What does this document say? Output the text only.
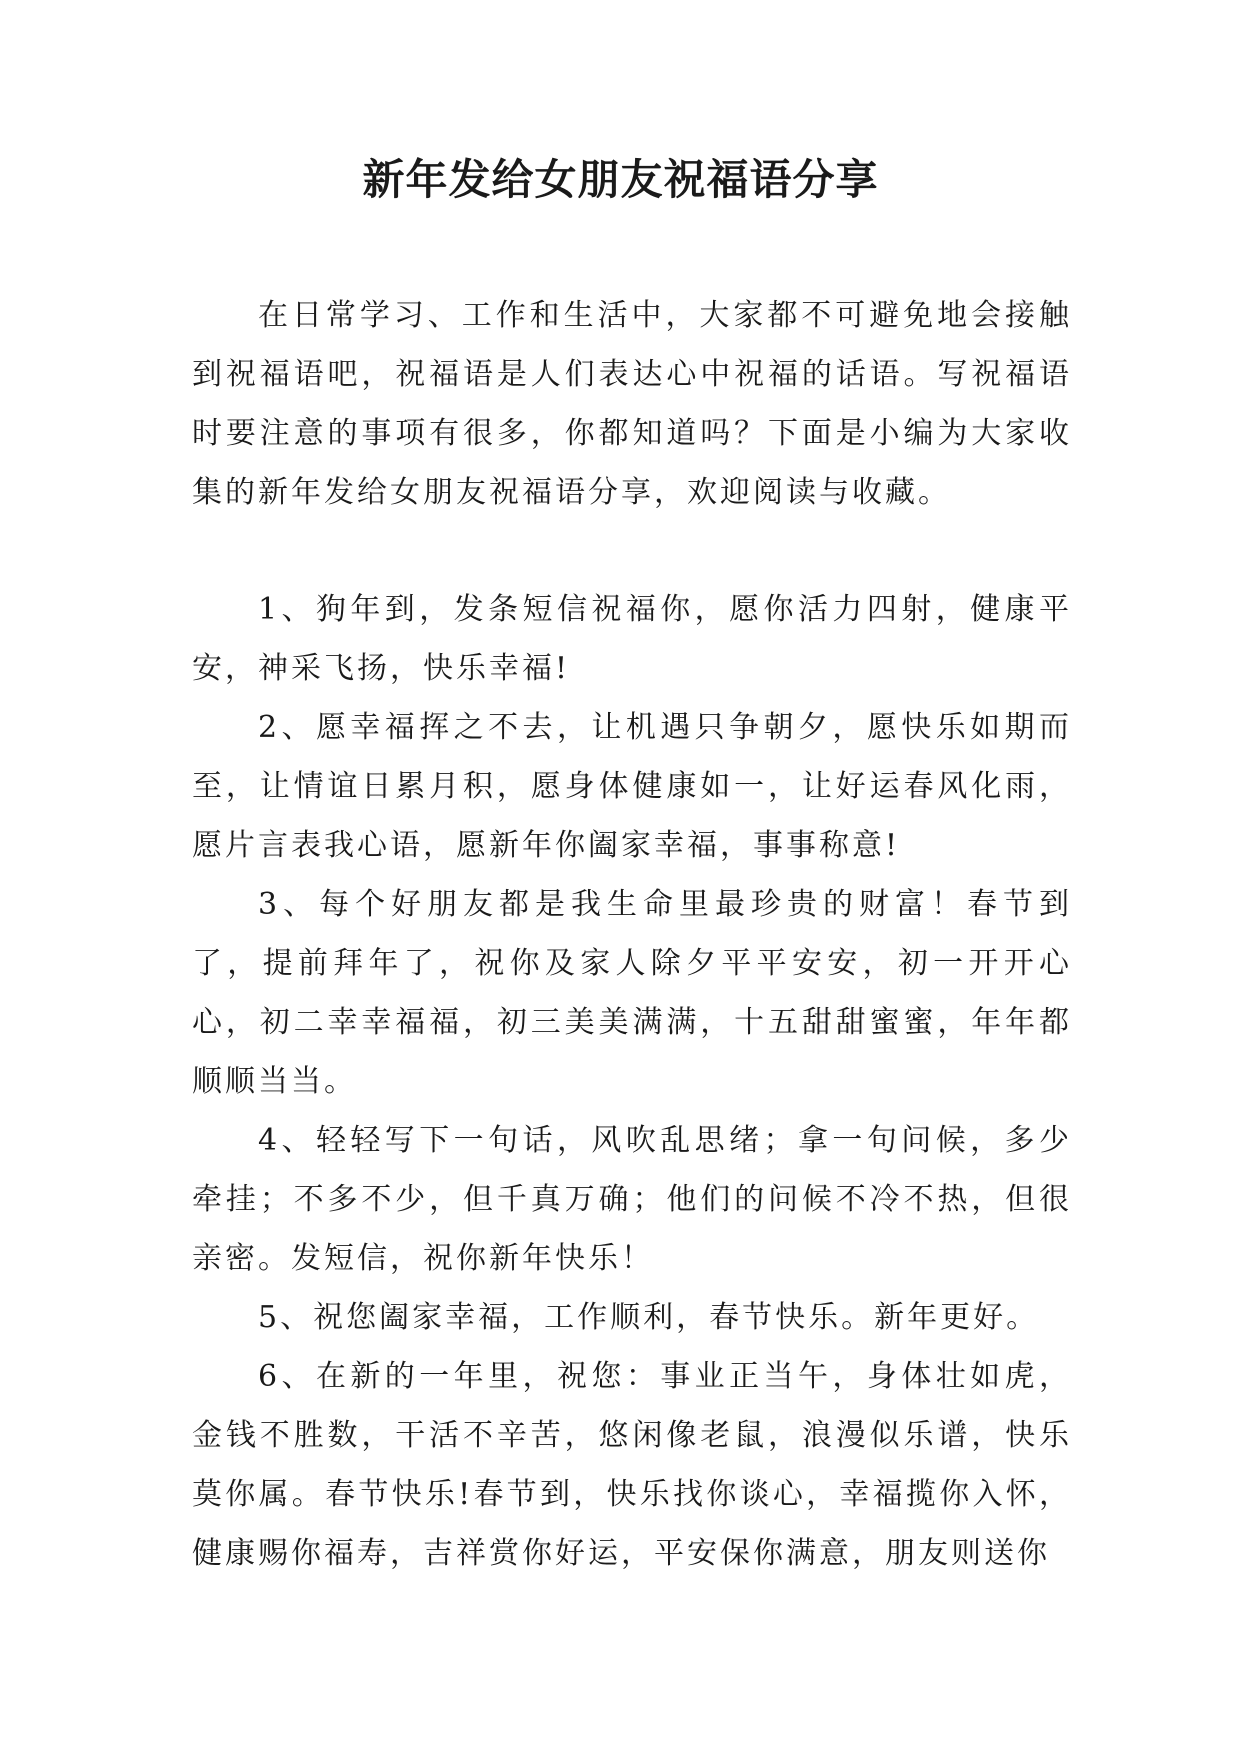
新年发给女朋友祝福语分享

在日常学习、工作和生活中，大家都不可避免地会接触到祝福语吧，祝福语是人们表达心中祝福的话语。写祝福语时要注意的事项有很多，你都知道吗？下面是小编为大家收集的新年发给女朋友祝福语分享，欢迎阅读与收藏。

1、狗年到，发条短信祝福你，愿你活力四射，健康平安，神采飞扬，快乐幸福!

2、愿幸福挥之不去，让机遇只争朝夕，愿快乐如期而至，让情谊日累月积，愿身体健康如一，让好运春风化雨，愿片言表我心语，愿新年你阖家幸福，事事称意!

3、每个好朋友都是我生命里最珍贵的财富！春节到了，提前拜年了，祝你及家人除夕平平安安，初一开开心心，初二幸幸福福，初三美美满满，十五甜甜蜜蜜，年年都顺顺当当。

4、轻轻写下一句话，风吹乱思绪；拿一句问候，多少牵挂；不多不少，但千真万确；他们的问候不冷不热，但很亲密。发短信，祝你新年快乐！

5、祝您阖家幸福，工作顺利，春节快乐。新年更好。

6、在新的一年里，祝您：事业正当午，身体壮如虎，金钱不胜数，干活不辛苦，悠闲像老鼠，浪漫似乐谱，快乐莫你属。春节快乐!春节到，快乐找你谈心，幸福揽你入怀，健康赐你福寿，吉祥赏你好运，平安保你满意，朋友则送你
